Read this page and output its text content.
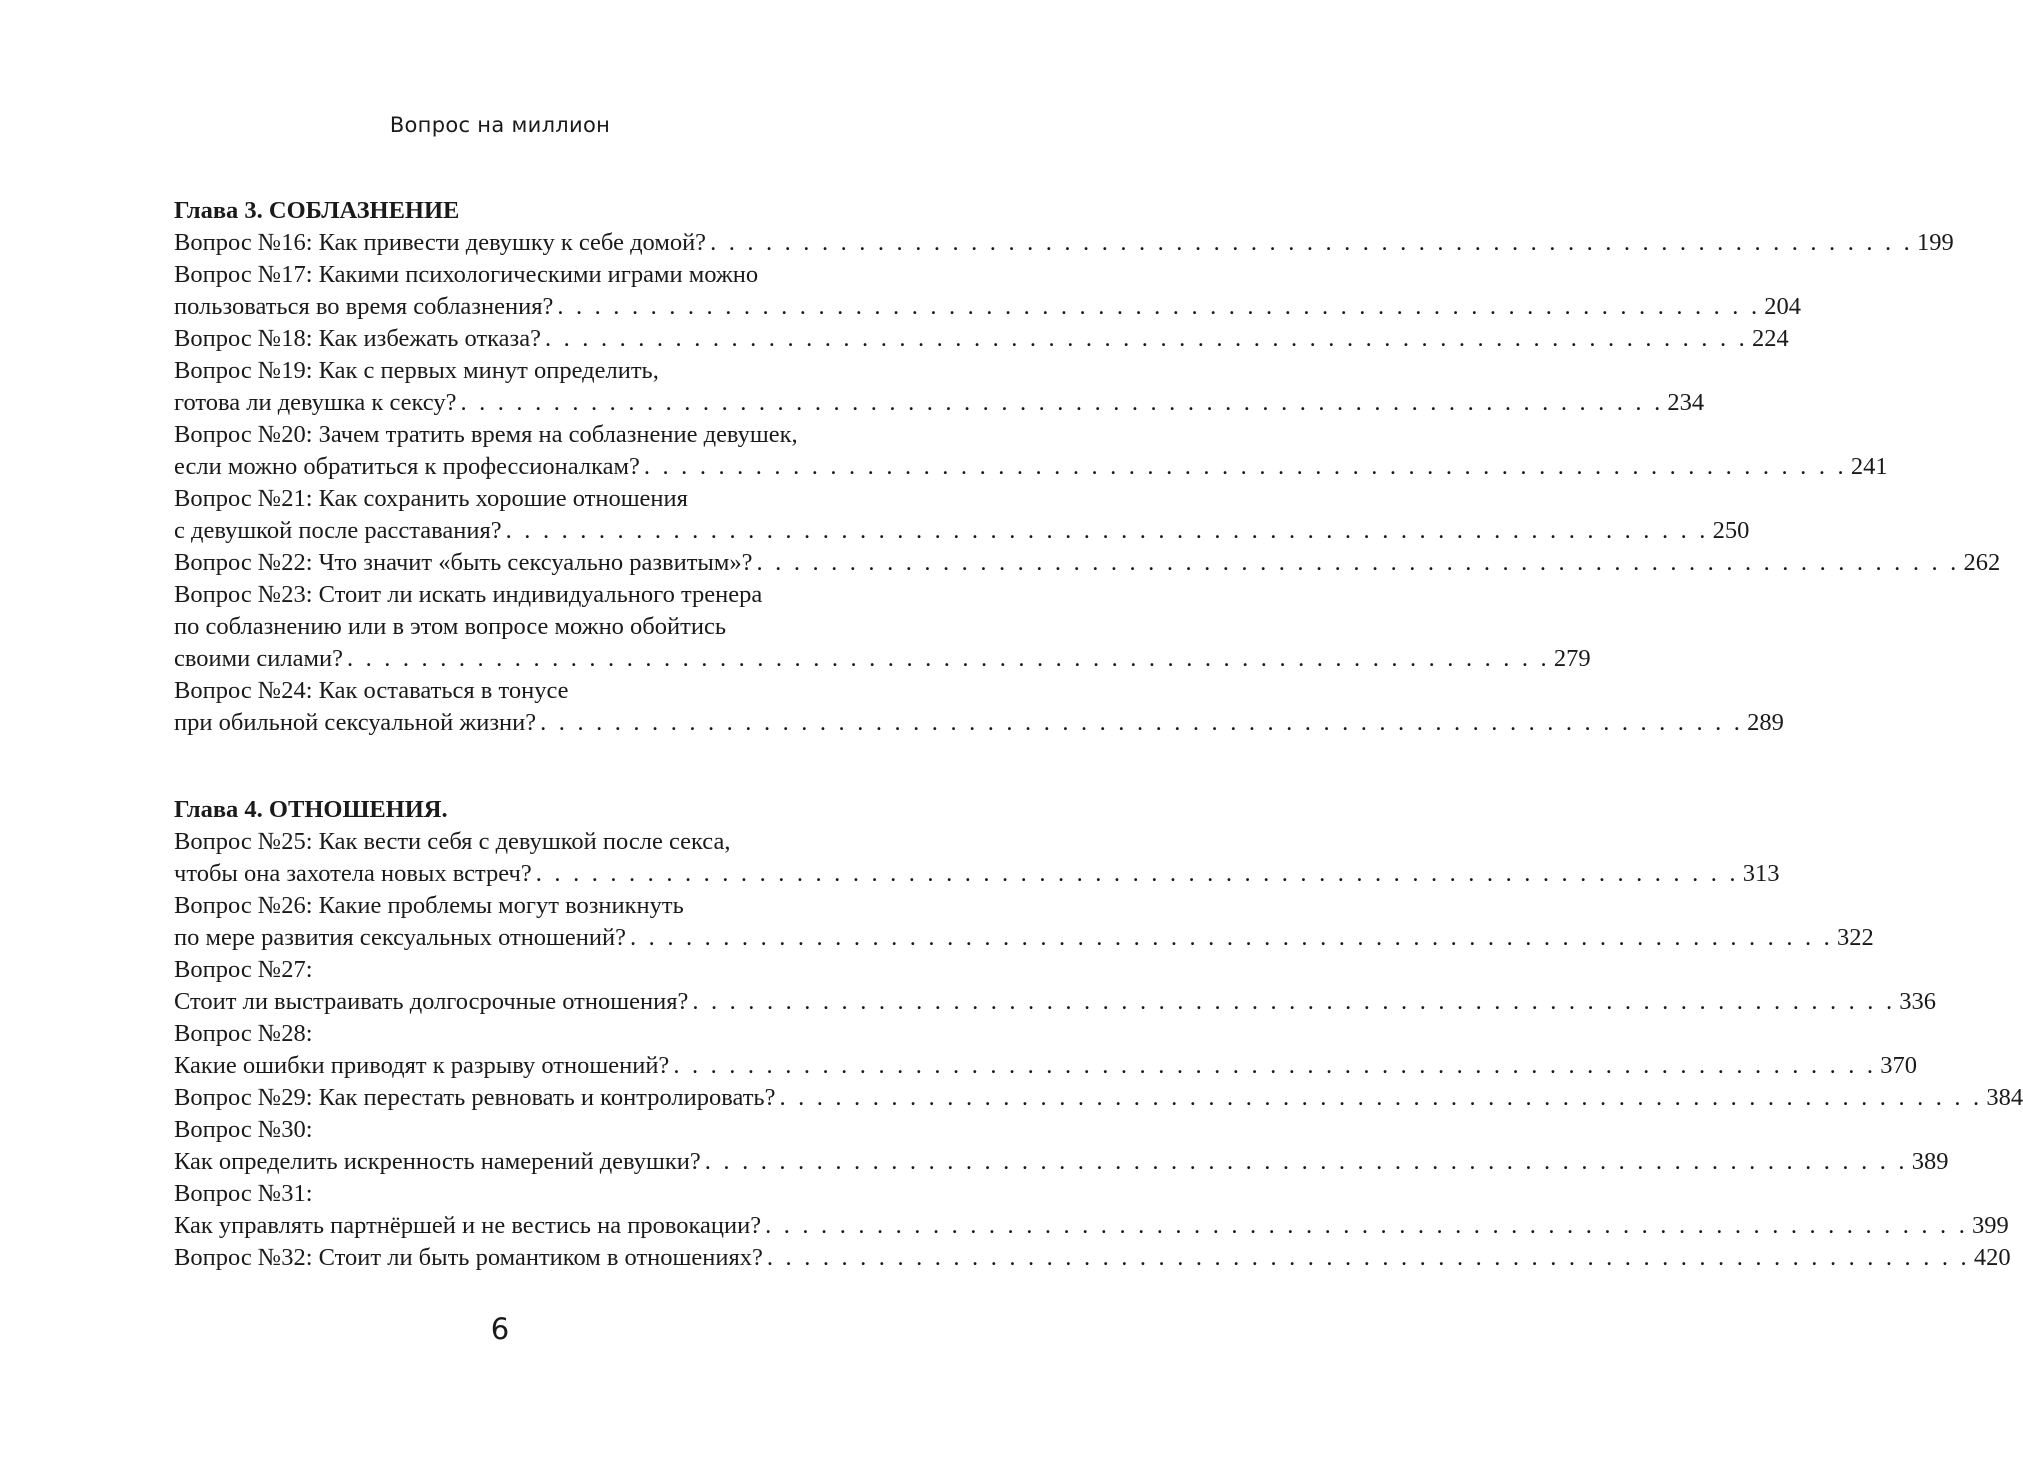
Вопрос на миллион
Глава 3. СОБЛАЗНЕНИЕ
Вопрос №16: Как привести девушку к себе домой? . . . . . . . . . . . . . . . . . . . . . . . . . . . . . . . . . . . . . . . . . . . . . . . . . . . . . . . . . . . . . . . . . 199
Вопрос №17: Какими психологическими играми можно
пользоваться во время соблазнения? . . . . . . . . . . . . . . . . . . . . . . . . . . . . . . . . . . . . . . . . . . . . . . . . . . . . . . . . . . . . . . . . . 204
Вопрос №18: Как избежать отказа? . . . . . . . . . . . . . . . . . . . . . . . . . . . . . . . . . . . . . . . . . . . . . . . . . . . . . . . . . . . . . . . . . 224
Вопрос №19: Как с первых минут определить,
готова ли девушка к сексу? . . . . . . . . . . . . . . . . . . . . . . . . . . . . . . . . . . . . . . . . . . . . . . . . . . . . . . . . . . . . . . . . . 234
Вопрос №20: Зачем тратить время на соблазнение девушек,
если можно обратиться к профессионалкам? . . . . . . . . . . . . . . . . . . . . . . . . . . . . . . . . . . . . . . . . . . . . . . . . . . . . . . . . . . . . . . . . . 241
Вопрос №21: Как сохранить хорошие отношения
с девушкой после расставания? . . . . . . . . . . . . . . . . . . . . . . . . . . . . . . . . . . . . . . . . . . . . . . . . . . . . . . . . . . . . . . . . . 250
Вопрос №22: Что значит «быть сексуально развитым»? . . . . . . . . . . . . . . . . . . . . . . . . . . . . . . . . . . . . . . . . . . . . . . . . . . . . . . . . . . . . . . . . . 262
Вопрос №23: Стоит ли искать индивидуального тренера
по соблазнению или в этом вопросе можно обойтись
своими силами? . . . . . . . . . . . . . . . . . . . . . . . . . . . . . . . . . . . . . . . . . . . . . . . . . . . . . . . . . . . . . . . . . 279
Вопрос №24: Как оставаться в тонусе
при обильной сексуальной жизни? . . . . . . . . . . . . . . . . . . . . . . . . . . . . . . . . . . . . . . . . . . . . . . . . . . . . . . . . . . . . . . . . . 289
Глава 4. ОТНОШЕНИЯ.
Вопрос №25: Как вести себя с девушкой после секса,
чтобы она захотела новых встреч? . . . . . . . . . . . . . . . . . . . . . . . . . . . . . . . . . . . . . . . . . . . . . . . . . . . . . . . . . . . . . . . . . 313
Вопрос №26: Какие проблемы могут возникнуть
по мере развития сексуальных отношений? . . . . . . . . . . . . . . . . . . . . . . . . . . . . . . . . . . . . . . . . . . . . . . . . . . . . . . . . . . . . . . . . . 322
Вопрос №27:
Стоит ли выстраивать долгосрочные отношения? . . . . . . . . . . . . . . . . . . . . . . . . . . . . . . . . . . . . . . . . . . . . . . . . . . . . . . . . . . . . . . . . . 336
Вопрос №28:
Какие ошибки приводят к разрыву отношений? . . . . . . . . . . . . . . . . . . . . . . . . . . . . . . . . . . . . . . . . . . . . . . . . . . . . . . . . . . . . . . . . . 370
Вопрос №29: Как перестать ревновать и контролировать? . . . . . . . . . . . . . . . . . . . . . . . . . . . . . . . . . . . . . . . . . . . . . . . . . . . . . . . . . . . . . . . . . 384
Вопрос №30:
Как определить искренность намерений девушки? . . . . . . . . . . . . . . . . . . . . . . . . . . . . . . . . . . . . . . . . . . . . . . . . . . . . . . . . . . . . . . . . . 389
Вопрос №31:
Как управлять партнёршей и не вестись на провокации? . . . . . . . . . . . . . . . . . . . . . . . . . . . . . . . . . . . . . . . . . . . . . . . . . . . . . . . . . . . . . . . . . 399
Вопрос №32: Стоит ли быть романтиком в отношениях? . . . . . . . . . . . . . . . . . . . . . . . . . . . . . . . . . . . . . . . . . . . . . . . . . . . . . . . . . . . . . . . . . 420
6
